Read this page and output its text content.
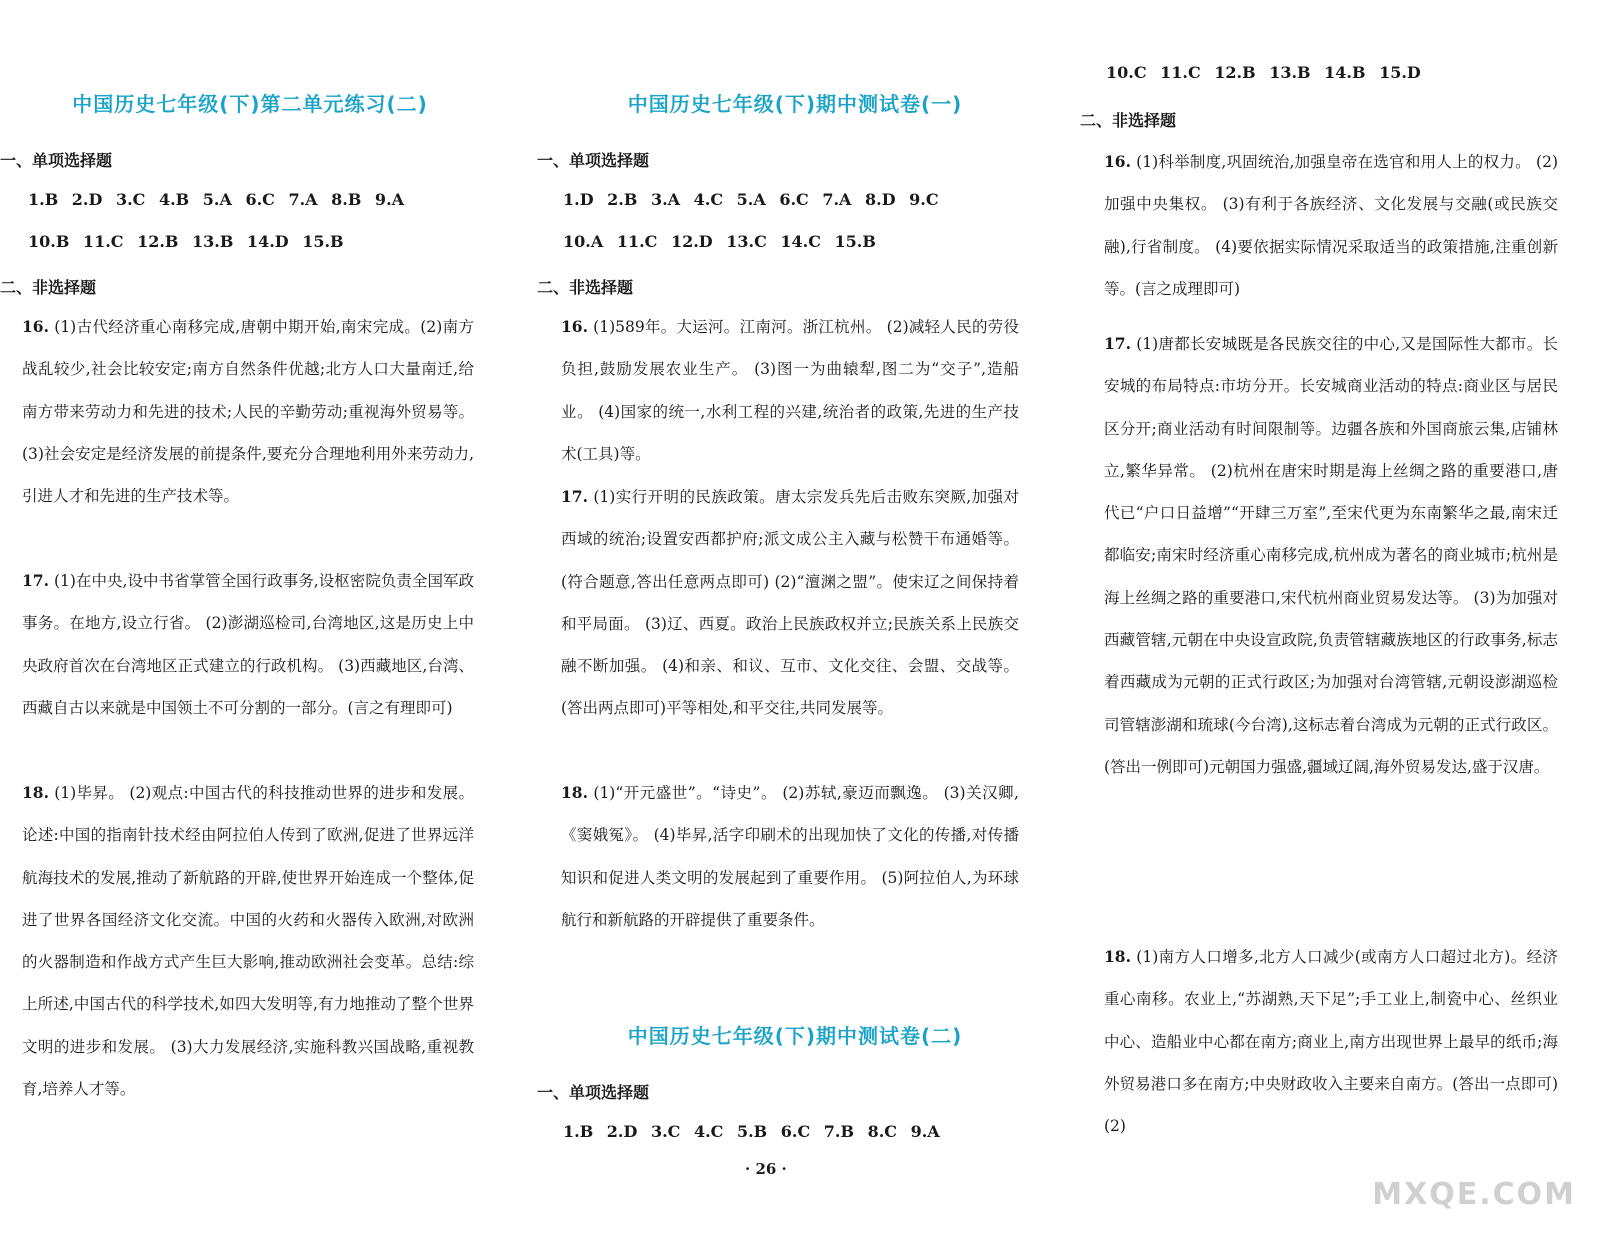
中国历史七年级(下)第二单元练习(二)
一、单项选择题
1.B 2.D 3.C 4.B 5.A 6.C 7.A 8.B 9.A
10.B 11.C 12.B 13.B 14.D 15.B
二、非选择题
16. (1)古代经济重心南移完成,唐朝中期开始,南宋完成。(2)南方战乱较少,社会比较安定;南方自然条件优越;北方人口大量南迁,给南方带来劳动力和先进的技术;人民的辛勤劳动;重视海外贸易等。 (3)社会安定是经济发展的前提条件,要充分合理地利用外来劳动力,引进人才和先进的生产技术等。
17. (1)在中央,设中书省掌管全国行政事务,设枢密院负责全国军政事务。在地方,设立行省。 (2)澎湖巡检司,台湾地区,这是历史上中央政府首次在台湾地区正式建立的行政机构。 (3)西藏地区,台湾、西藏自古以来就是中国领土不可分割的一部分。(言之有理即可)
18. (1)毕昇。 (2)观点:中国古代的科技推动世界的进步和发展。论述:中国的指南针技术经由阿拉伯人传到了欧洲,促进了世界远洋航海技术的发展,推动了新航路的开辟,使世界开始连成一个整体,促进了世界各国经济文化交流。中国的火药和火器传入欧洲,对欧洲的火器制造和作战方式产生巨大影响,推动欧洲社会变革。总结:综上所述,中国古代的科学技术,如四大发明等,有力地推动了整个世界文明的进步和发展。 (3)大力发展经济,实施科教兴国战略,重视教育,培养人才等。
中国历史七年级(下)期中测试卷(一)
一、单项选择题
1.D 2.B 3.A 4.C 5.A 6.C 7.A 8.D 9.C
10.A 11.C 12.D 13.C 14.C 15.B
二、非选择题
16. (1)589年。大运河。江南河。浙江杭州。 (2)减轻人民的劳役负担,鼓励发展农业生产。 (3)图一为曲辕犁,图二为“交子”,造船业。 (4)国家的统一,水利工程的兴建,统治者的政策,先进的生产技术(工具)等。
17. (1)实行开明的民族政策。唐太宗发兵先后击败东突厥,加强对西域的统治;设置安西都护府;派文成公主入藏与松赞干布通婚等。(符合题意,答出任意两点即可) (2)“澶渊之盟”。使宋辽之间保持着和平局面。 (3)辽、西夏。政治上民族政权并立;民族关系上民族交融不断加强。 (4)和亲、和议、互市、文化交往、会盟、交战等。(答出两点即可)平等相处,和平交往,共同发展等。
18. (1)“开元盛世”。“诗史”。 (2)苏轼,豪迈而飘逸。 (3)关汉卿,《窦娥冤》。 (4)毕昇,活字印刷术的出现加快了文化的传播,对传播知识和促进人类文明的发展起到了重要作用。 (5)阿拉伯人,为环球航行和新航路的开辟提供了重要条件。
中国历史七年级(下)期中测试卷(二)
一、单项选择题
1.B 2.D 3.C 4.C 5.B 6.C 7.B 8.C 9.A
10.C 11.C 12.B 13.B 14.B 15.D
二、非选择题
16. (1)科举制度,巩固统治,加强皇帝在选官和用人上的权力。 (2)加强中央集权。 (3)有利于各族经济、文化发展与交融(或民族交融),行省制度。 (4)要依据实际情况采取适当的政策措施,注重创新等。(言之成理即可)
17. (1)唐都长安城既是各民族交往的中心,又是国际性大都市。长安城的布局特点:市坊分开。长安城商业活动的特点:商业区与居民区分开;商业活动有时间限制等。边疆各族和外国商旅云集,店铺林立,繁华异常。 (2)杭州在唐宋时期是海上丝绸之路的重要港口,唐代已“户口日益增”“开肆三万室”,至宋代更为东南繁华之最,南宋迁都临安;南宋时经济重心南移完成,杭州成为著名的商业城市;杭州是海上丝绸之路的重要港口,宋代杭州商业贸易发达等。 (3)为加强对西藏管辖,元朝在中央设宣政院,负责管辖藏族地区的行政事务,标志着西藏成为元朝的正式行政区;为加强对台湾管辖,元朝设澎湖巡检司管辖澎湖和琉球(今台湾),这标志着台湾成为元朝的正式行政区。(答出一例即可)元朝国力强盛,疆域辽阔,海外贸易发达,盛于汉唐。
18. (1)南方人口增多,北方人口减少(或南方人口超过北方)。经济重心南移。农业上,“苏湖熟,天下足”;手工业上,制瓷中心、丝织业中心、造船业中心都在南方;商业上,南方出现世界上最早的纸币;海外贸易港口多在南方;中央财政收入主要来自南方。(答出一点即可) (2)
· 26 ·
MXQE.COM
